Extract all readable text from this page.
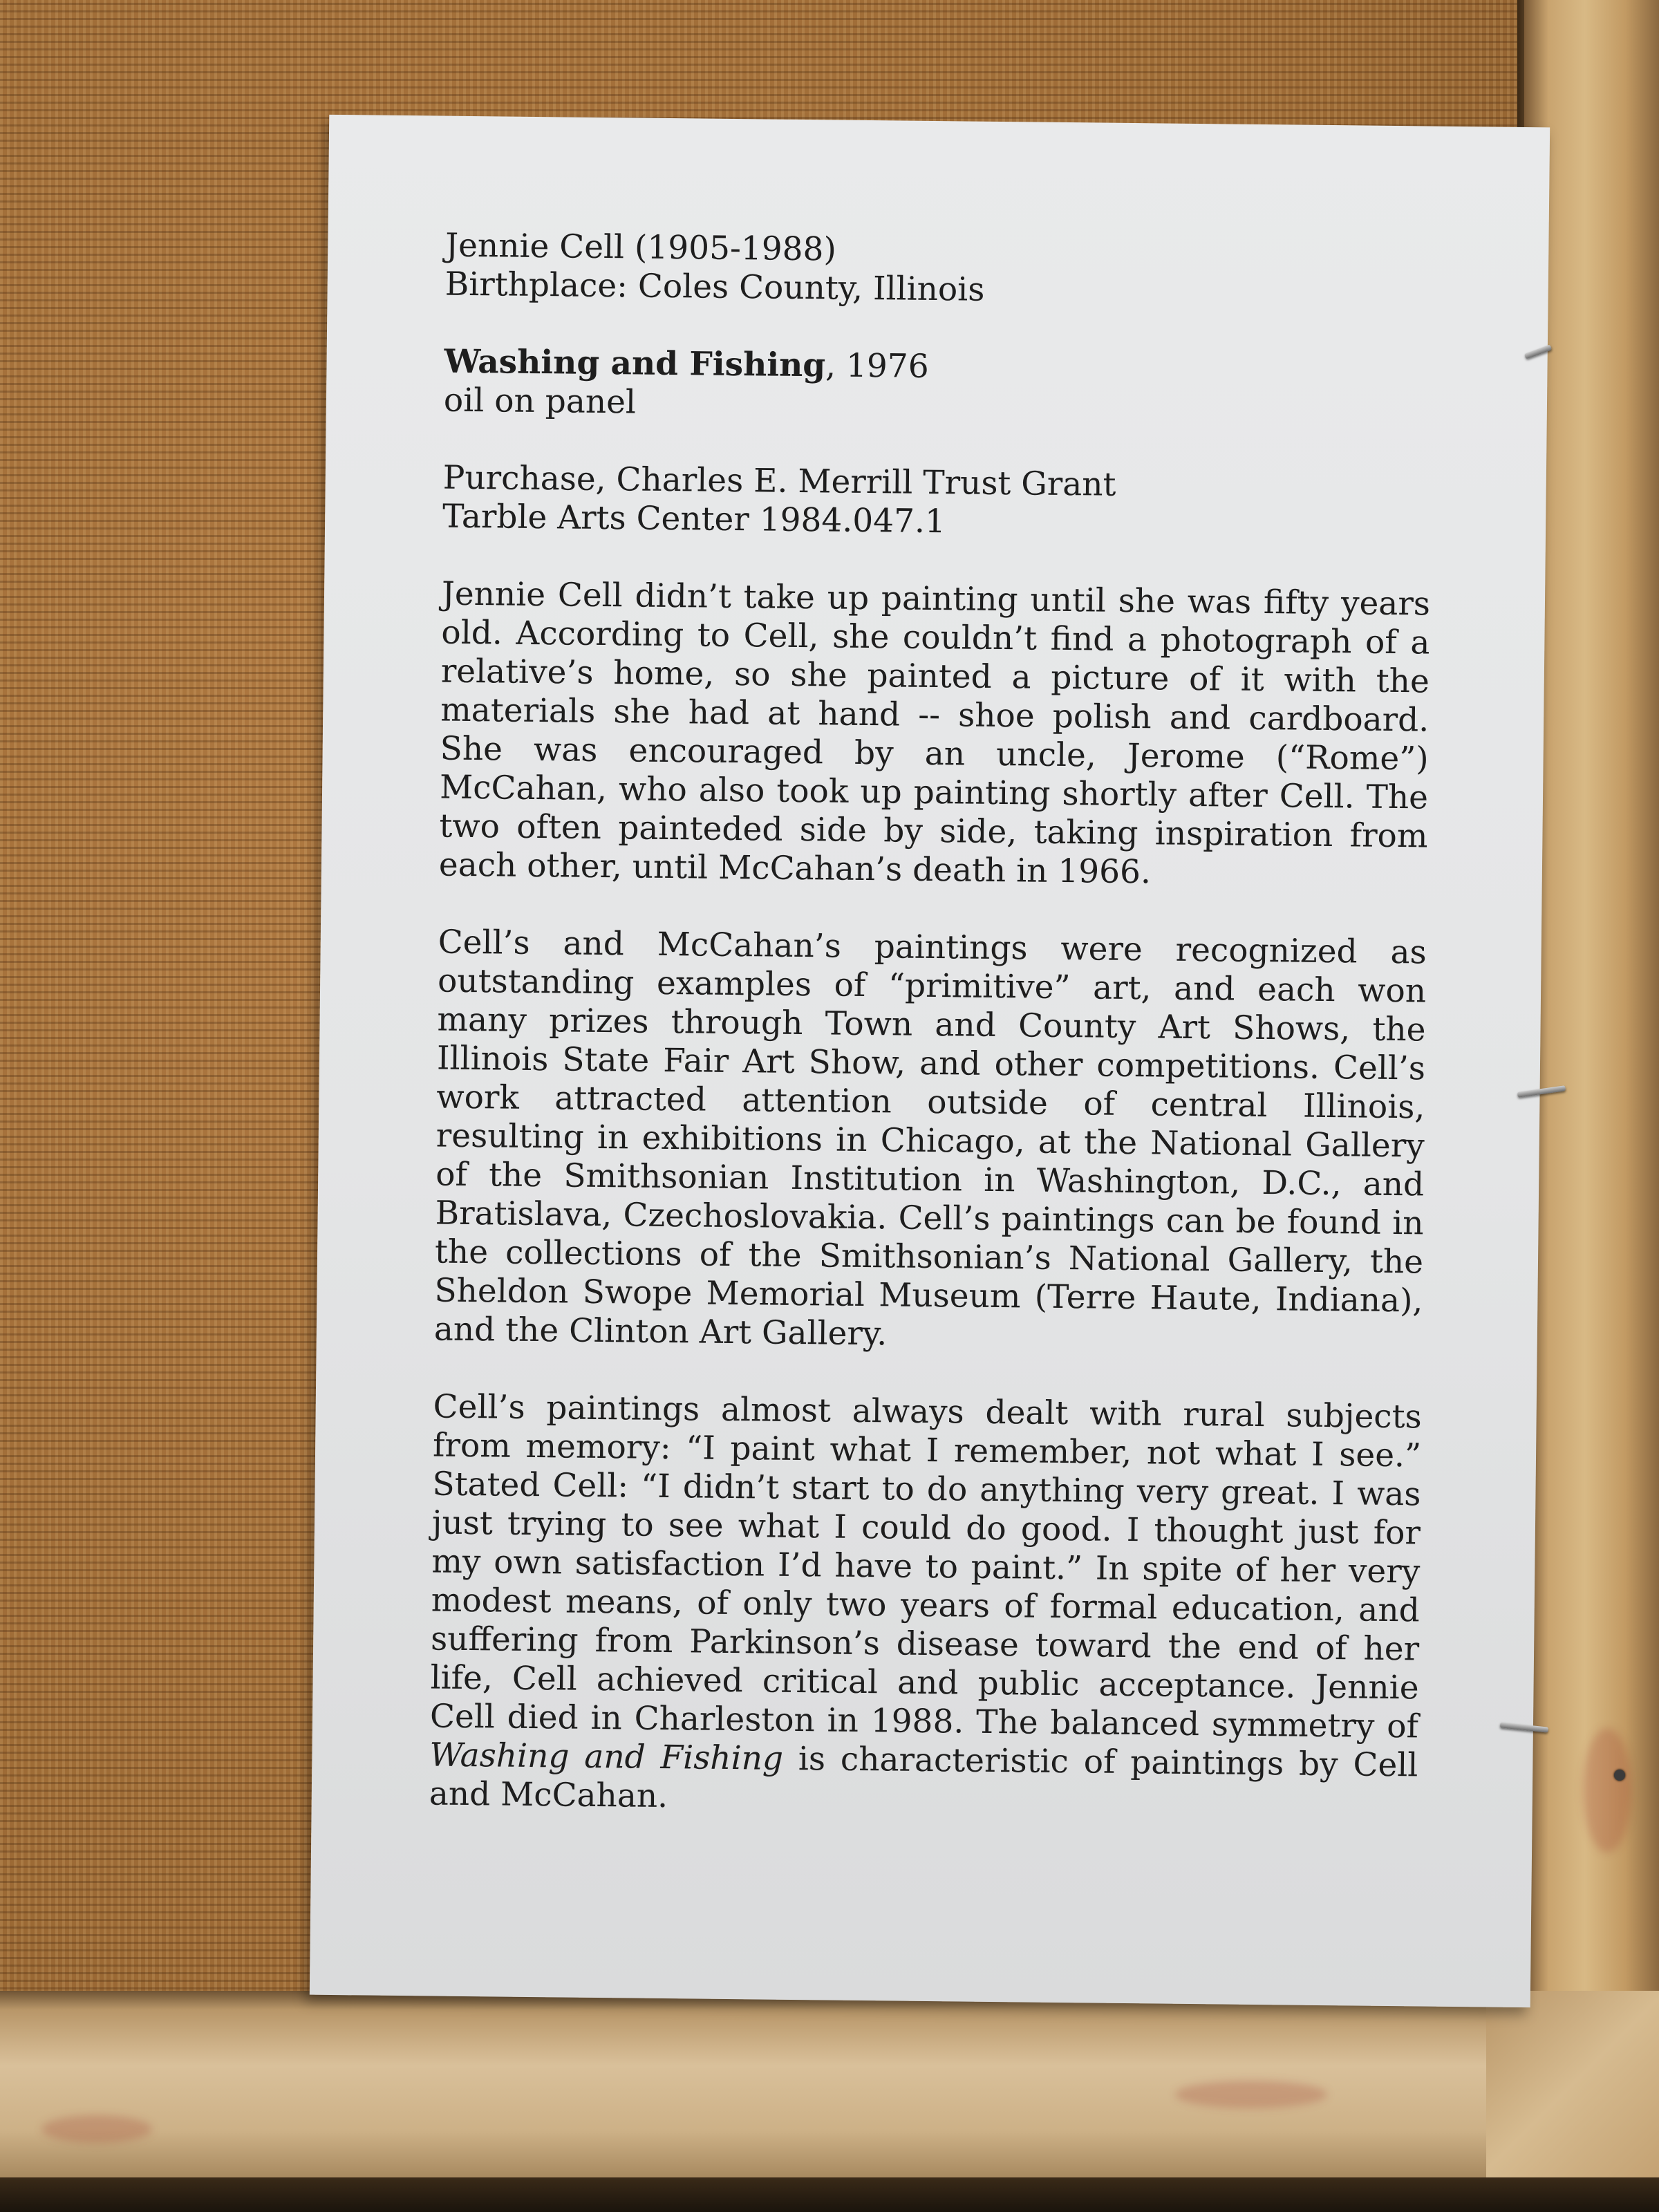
Jennie Cell (1905-1988)

Birthplace: Coles County, Illinois

Washing and Fishing, 1976

oil on panel

Purchase, Charles E. Merrill Trust Grant

Tarble Arts Center 1984.047.1

Jennie Cell didn’t take up painting until she was fifty years old. According to Cell, she couldn’t find a photograph of a relative’s home, so she painted a picture of it with the materials she had at hand -- shoe polish and cardboard. She was encouraged by an uncle, Jerome (“Rome”) McCahan, who also took up painting shortly after Cell. The two often painteded side by side, taking inspiration from each other, until McCahan’s death in 1966.

Cell’s and McCahan’s paintings were recognized as outstanding examples of “primitive” art, and each won many prizes through Town and County Art Shows, the Illinois State Fair Art Show, and other competitions. Cell’s work attracted attention outside of central Illinois, resulting in exhibitions in Chicago, at the National Gallery of the Smithsonian Institution in Washington, D.C., and Bratislava, Czechoslovakia. Cell’s paintings can be found in the collections of the Smithsonian’s National Gallery, the Sheldon Swope Memorial Museum (Terre Haute, Indiana), and the Clinton Art Gallery.

Cell’s paintings almost always dealt with rural subjects from memory: “I paint what I remember, not what I see.” Stated Cell: “I didn’t start to do anything very great. I was just trying to see what I could do good. I thought just for my own satisfaction I’d have to paint.” In spite of her very modest means, of only two years of formal education, and suffering from Parkinson’s disease toward the end of her life, Cell achieved critical and public acceptance. Jennie Cell died in Charleston in 1988. The balanced symmetry of Washing and Fishing is characteristic of paintings by Cell and McCahan.
